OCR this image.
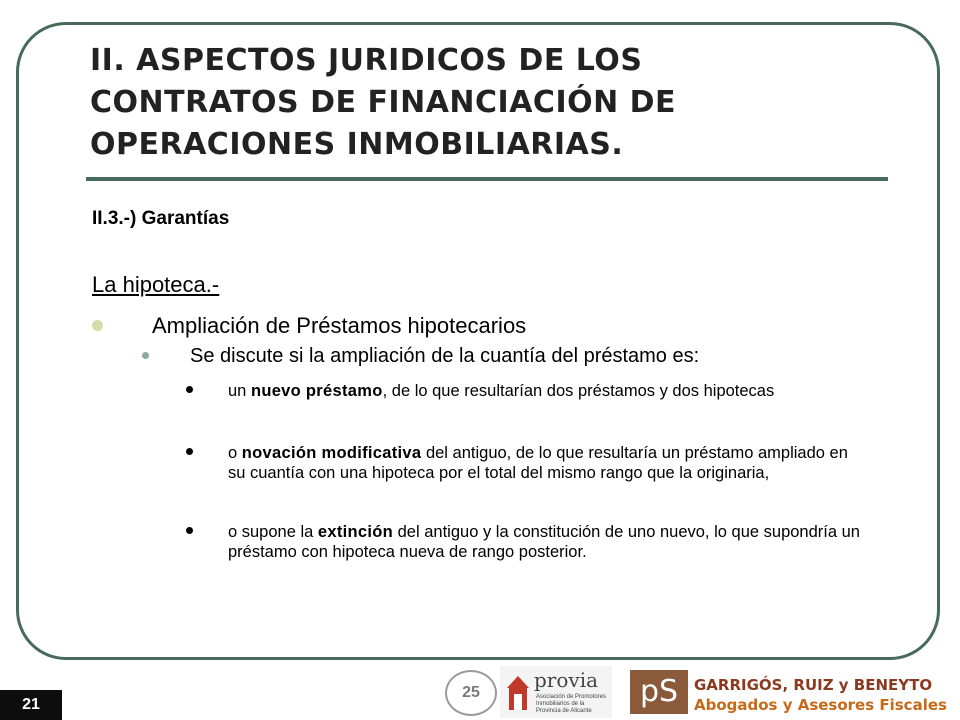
II. ASPECTOS JURIDICOS DE LOS CONTRATOS DE FINANCIACIÓN DE OPERACIONES INMOBILIARIAS.
II.3.-) Garantías
La hipoteca.-
Ampliación de Préstamos hipotecarios
Se discute si la ampliación de la cuantía del préstamo es:
un nuevo préstamo, de lo que resultarían dos préstamos y dos hipotecas
o novación modificativa del antiguo, de lo que resultaría un préstamo ampliado en su cuantía con una hipoteca por el total del mismo rango que la originaria,
o supone la extinción del antiguo y la constitución de uno nuevo, lo que supondría un préstamo con hipoteca nueva de rango posterior.
25
provia
Asociación de Promotores Inmobiliarios de la Provincia de Alicante
pS	GARRIGÓS, RUIZ y BENEYTO
Abogados y Asesores Fiscales
21
